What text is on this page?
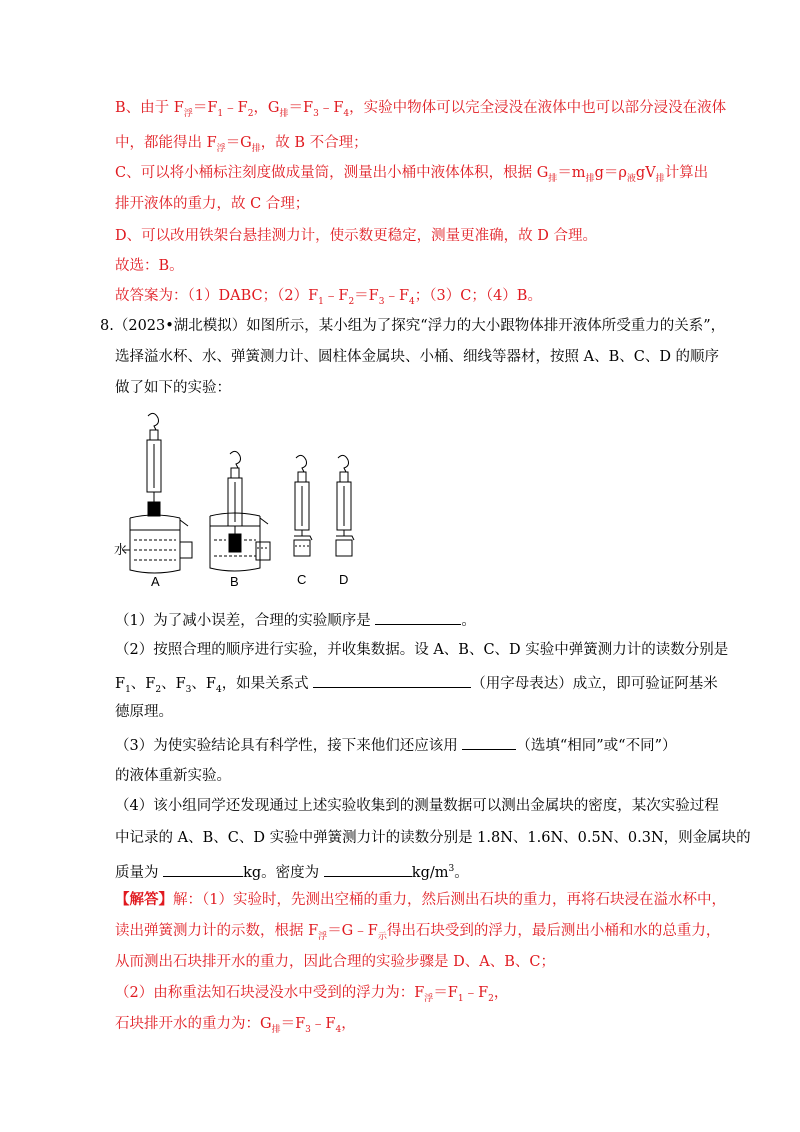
B、由于 $F_浮=F_1﹣F_2$，$G_排=F_3﹣F_4$，实验中物体可以完全浸没在液体中也可以部分浸没在液体
中，都能得出 $F_浮=G_排$，故 B 不合理；
C、可以将小桶标注刻度做成量筒，测量出小桶中液体体积，根据 $G_排=m_排g=\rho_液gV_排$计算出
排开液体的重力，故 C 合理；
D、可以改用铁架台悬挂测力计，使示数更稳定，测量更准确，故 D 合理。
故选：B。
故答案为：（1）DABC；$(2)F_1﹣F_2=F_3﹣F_4$；（3）C；（4）B。
8.（2023•湖北模拟）如图所示，某小组为了探究“浮力的大小跟物体排开液体所受重力的关系”，
选择溢水杯、水、弹簧测力计、圆柱体金属块、小桶、细线等器材，按照 A、B、C、D 的顺序
做了如下的实验：
水
A	B	C	D
（1）为了减小误差，合理的实验顺序是	。
（2）按照合理的顺序进行实验，并收集数据。设 A、B、C、D 实验中弹簧测力计的读数分别是
$F_1$、$F_2$、$F_3$、$F_4$，如果关系式	（用字母表达）成立，即可验证阿基米
德原理。
（3）为使实验结论具有科学性，接下来他们还应该用	（选填“相同”或“不同”）
的液体重新实验。
（4）该小组同学还发现通过上述实验收集到的测量数据可以测出金属块的密度，某次实验过程
中记录的 A、B、C、D 实验中弹簧测力计的读数分别是 1.8N、1.6N、0.5N、0.3N，则金属块的
质量为	kg。密度为	$kg/m^3$。
【解答】解：（1）实验时，先测出空桶的重力，然后测出石块的重力，再将石块浸在溢水杯中，
读出弹簧测力计的示数，根据 $F_浮=G﹣F_示$得出石块受到的浮力，最后测出小桶和水的总重力，
从而测出石块排开水的重力，因此合理的实验步骤是 D、A、B、C；
（2）由称重法知石块浸没水中受到的浮力为：$F_浮=F_1﹣F_2$，
石块排开水的重力为：$G_排=F_3﹣F_4$，
